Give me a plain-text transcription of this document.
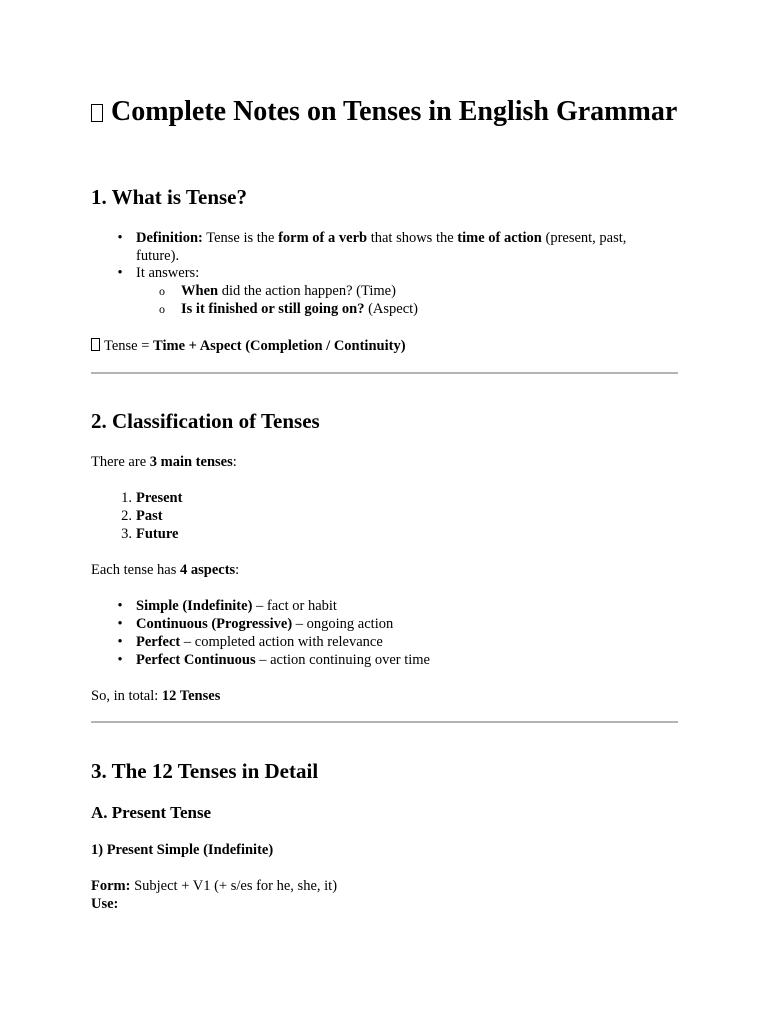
Complete Notes on Tenses in English Grammar
1. What is Tense?
• Definition: Tense is the form of a verb that shows the time of action (present, past,
future).
• It answers:
o When did the action happen? (Time)
o Is it finished or still going on? (Aspect)
Tense = Time + Aspect (Completion / Continuity)
2. Classification of Tenses
There are 3 main tenses:
1. Present
2. Past
3. Future
Each tense has 4 aspects:
• Simple (Indefinite) – fact or habit
• Continuous (Progressive) – ongoing action
• Perfect – completed action with relevance
• Perfect Continuous – action continuing over time
So, in total: 12 Tenses
3. The 12 Tenses in Detail
A. Present Tense
1) Present Simple (Indefinite)
Form: Subject + V1 (+ s/es for he, she, it)
Use:
